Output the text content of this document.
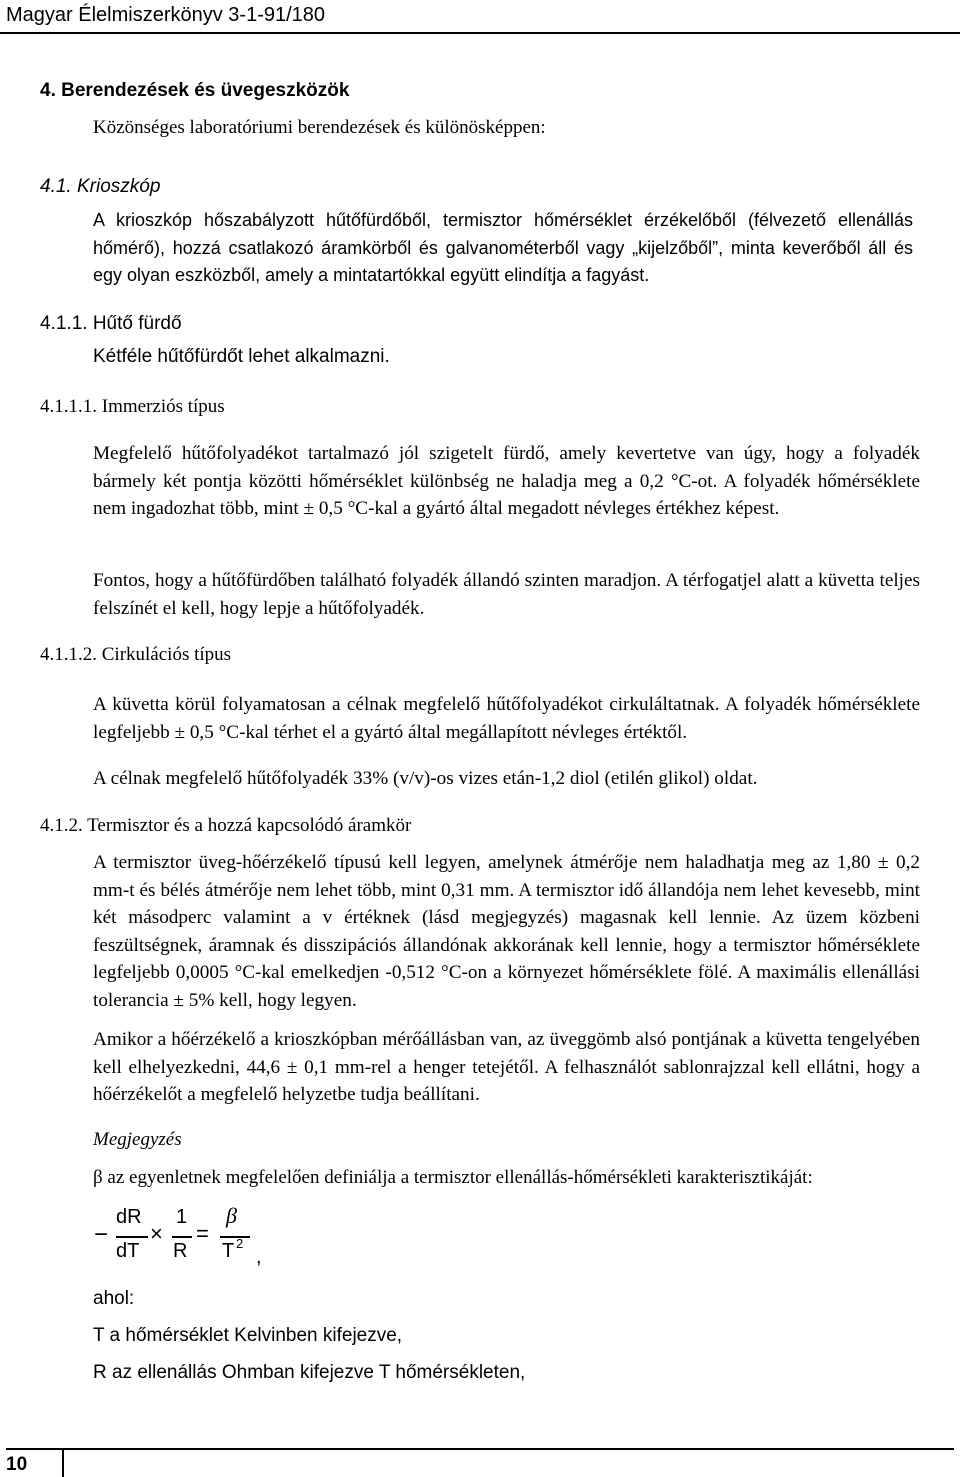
Magyar Élelmiszerkönyv 3-1-91/180
4. Berendezések és üvegeszközök
Közönséges laboratóriumi berendezések és különösképpen:
4.1. Krioszkóp

A krioszkóp hőszabályzott hűtőfürdőből, termisztor hőmérséklet érzékelőből (félvezető ellenállás hőmérő), hozzá csatlakozó áramkörből és galvanométerből vagy „kijelzőből”, minta keverőből áll és egy olyan eszközből, amely a mintatartókkal együtt elindítja a fagyást.

4.1.1. Hűtő fürdő
Kétféle hűtőfürdőt lehet alkalmazni.
4.1.1.1. Immerziós típus

Megfelelő hűtőfolyadékot tartalmazó jól szigetelt fürdő, amely kevertetve van úgy, hogy a folyadék bármely két pontja közötti hőmérséklet különbség ne haladja meg a 0,2 °C-ot. A folyadék hőmérséklete nem ingadozhat több, mint ± 0,5 °C-kal a gyártó által megadott névleges értékhez képest.

Fontos, hogy a hűtőfürdőben található folyadék állandó szinten maradjon. A térfogatjel alatt a küvetta teljes felszínét el kell, hogy lepje a hűtőfolyadék.

4.1.1.2. Cirkulációs típus

A küvetta körül folyamatosan a célnak megfelelő hűtőfolyadékot cirkuláltatnak. A folyadék hőmérséklete legfeljebb ± 0,5 °C-kal térhet el a gyártó által megállapított névleges értéktől.

A célnak megfelelő hűtőfolyadék 33% (v/v)-os vizes etán-1,2 diol (etilén glikol) oldat.

4.1.2. Termisztor és a hozzá kapcsolódó áramkör

A termisztor üveg-hőérzékelő típusú kell legyen, amelynek átmérője nem haladhatja meg az 1,80 ± 0,2 mm-t és bélés átmérője nem lehet több, mint 0,31 mm. A termisztor idő állandója nem lehet kevesebb, mint két másodperc valamint a v értéknek (lásd megjegyzés) magasnak kell lennie. Az üzem közbeni feszültségnek, áramnak és disszipációs állandónak akkorának kell lennie, hogy a termisztor hőmérséklete legfeljebb 0,0005 °C-kal emelkedjen -0,512 °C-on a környezet hőmérséklete fölé. A maximális ellenállási tolerancia ± 5% kell, hogy legyen.

Amikor a hőérzékelő a krioszkópban mérőállásban van, az üveggömb alsó pontjának a küvetta tengelyében kell elhelyezkedni, 44,6 ± 0,1 mm-rel a henger tetejétől. A felhasználót sablonrajzzal kell ellátni, hogy a hőérzékelőt a megfelelő helyzetbe tudja beállítani.

Megjegyzés
β az egyenletnek megfelelően definiálja a termisztor ellenállás-hőmérsékleti karakterisztikáját:
−
dR
dT
×
1
R
=
β
T 2
,
ahol:
T a hőmérséklet Kelvinben kifejezve,
R az ellenállás Ohmban kifejezve T hőmérsékleten,
10
